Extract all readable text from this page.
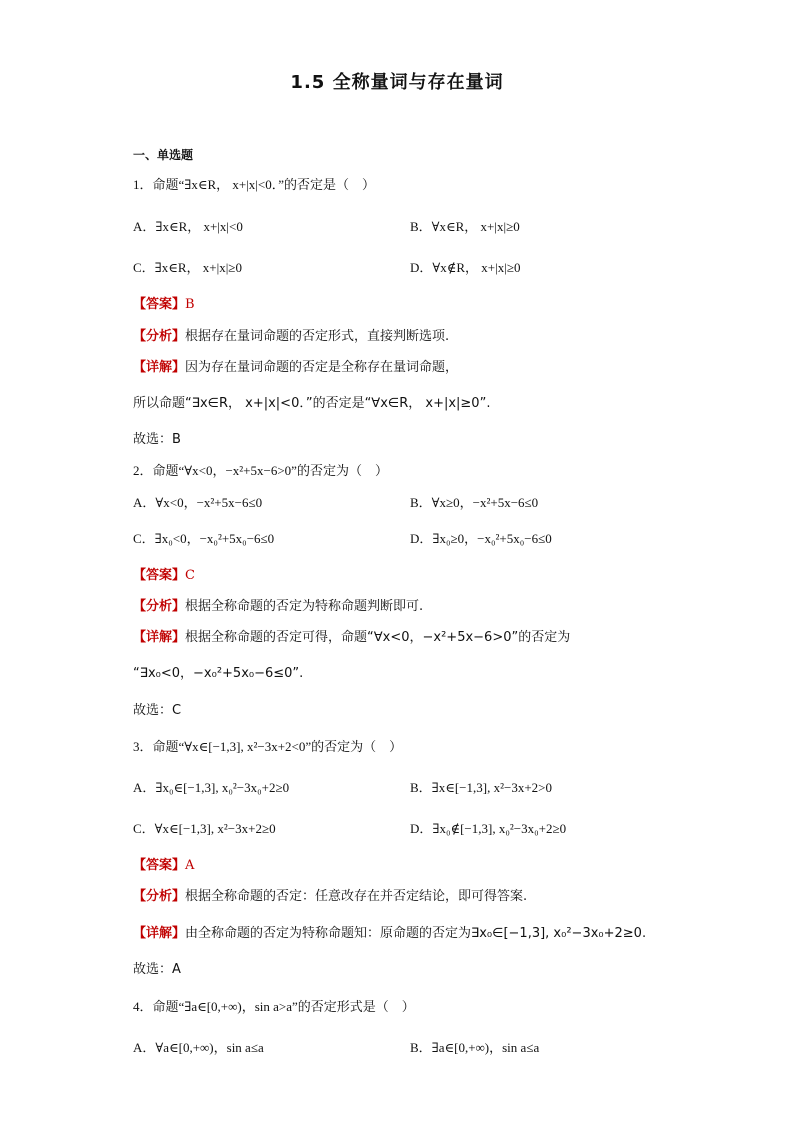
1.5 全称量词与存在量词
一、单选题
1．命题“∃x∈R， x+|x|<0．”的否定是（　）
A．∃x∈R， x+|x|<0	B．∀x∈R， x+|x|≥0
C．∃x∈R， x+|x|≥0	D．∀x∉R， x+|x|≥0
【答案】B
【分析】根据存在量词命题的否定形式，直接判断选项.
【详解】因为存在量词命题的否定是全称存在量词命题，
所以命题“∃x∈R， x+|x|<0．”的否定是“∀x∈R， x+|x|≥0”.
故选：B
2．命题“∀x<0，−x²+5x−6>0”的否定为（　）
A．∀x<0，−x²+5x−6≤0	B．∀x≥0，−x²+5x−6≤0
C．∃x₀<0，−x₀²+5x₀−6≤0	D．∃x₀≥0，−x₀²+5x₀−6≤0
【答案】C
【分析】根据全称命题的否定为特称命题判断即可.
【详解】根据全称命题的否定可得，命题“∀x<0，−x²+5x−6>0”的否定为
“∃x₀<0，−x₀²+5x₀−6≤0”.
故选：C
3．命题“∀x∈[−1,3], x²−3x+2<0”的否定为（　）
A．∃x₀∈[−1,3], x₀²−3x₀+2≥0	B．∃x∈[−1,3], x²−3x+2>0
C．∀x∈[−1,3], x²−3x+2≥0	D．∃x₀∉[−1,3], x₀²−3x₀+2≥0
【答案】A
【分析】根据全称命题的否定：任意改存在并否定结论，即可得答案.
【详解】由全称命题的否定为特称命题知：原命题的否定为∃x₀∈[−1,3], x₀²−3x₀+2≥0.
故选：A
4．命题“∃a∈[0,+∞)，sin a>a”的否定形式是（　）
A．∀a∈[0,+∞)，sin a≤a	B．∃a∈[0,+∞)，sin a≤a
